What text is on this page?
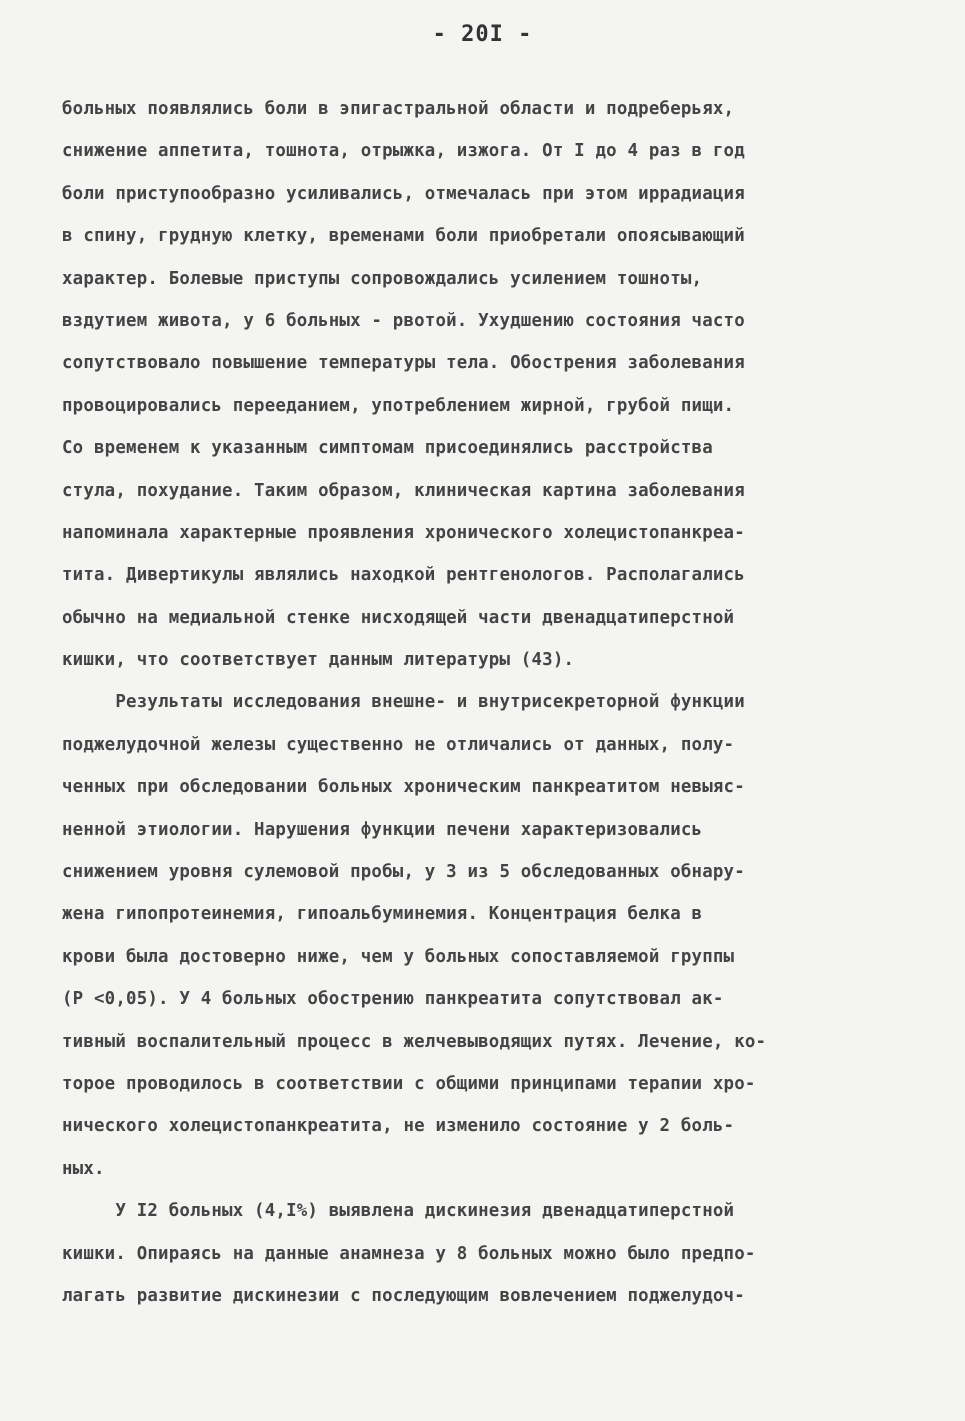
- 20I -
больных появлялись боли в эпигастральной области и подреберьях,
снижение аппетита, тошнота, отрыжка, изжога. От I до 4 раз в год
боли приступообразно усиливались, отмечалась при этом иррадиация
в спину, грудную клетку, временами боли приобретали опоясывающий
характер. Болевые приступы сопровождались усилением тошноты,
вздутием живота, у 6 больных - рвотой. Ухудшению состояния часто
сопутствовало повышение температуры тела. Обострения заболевания
провоцировались перееданием, употреблением жирной, грубой пищи.
Со временем к указанным симптомам присоединялись расстройства
стула, похудание. Таким образом, клиническая картина заболевания
напоминала характерные проявления хронического холецистопанкреа-
тита. Дивертикулы являлись находкой рентгенологов. Располагались
обычно на медиальной стенке нисходящей части двенадцатиперстной
кишки, что соответствует данным литературы (43).
Результаты исследования внешне- и внутрисекреторной функции
поджелудочной железы существенно не отличались от данных, полу-
ченных при обследовании больных хроническим панкреатитом невыяс-
ненной этиологии. Нарушения функции печени характеризовались
снижением уровня сулемовой пробы, у 3 из 5 обследованных обнару-
жена гипопротеинемия, гипоальбуминемия. Концентрация белка в
крови была достоверно ниже, чем у больных сопоставляемой группы
(Р <0,05). У 4 больных обострению панкреатита сопутствовал ак-
тивный воспалительный процесс в желчевыводящих путях. Лечение, ко-
торое проводилось в соответствии с общими принципами терапии хро-
нического холецистопанкреатита, не изменило состояние у 2 боль-
ных.
У I2 больных (4,I%) выявлена дискинезия двенадцатиперстной
кишки. Опираясь на данные анамнеза у 8 больных можно было предпо-
лагать развитие дискинезии с последующим вовлечением поджелудоч-
